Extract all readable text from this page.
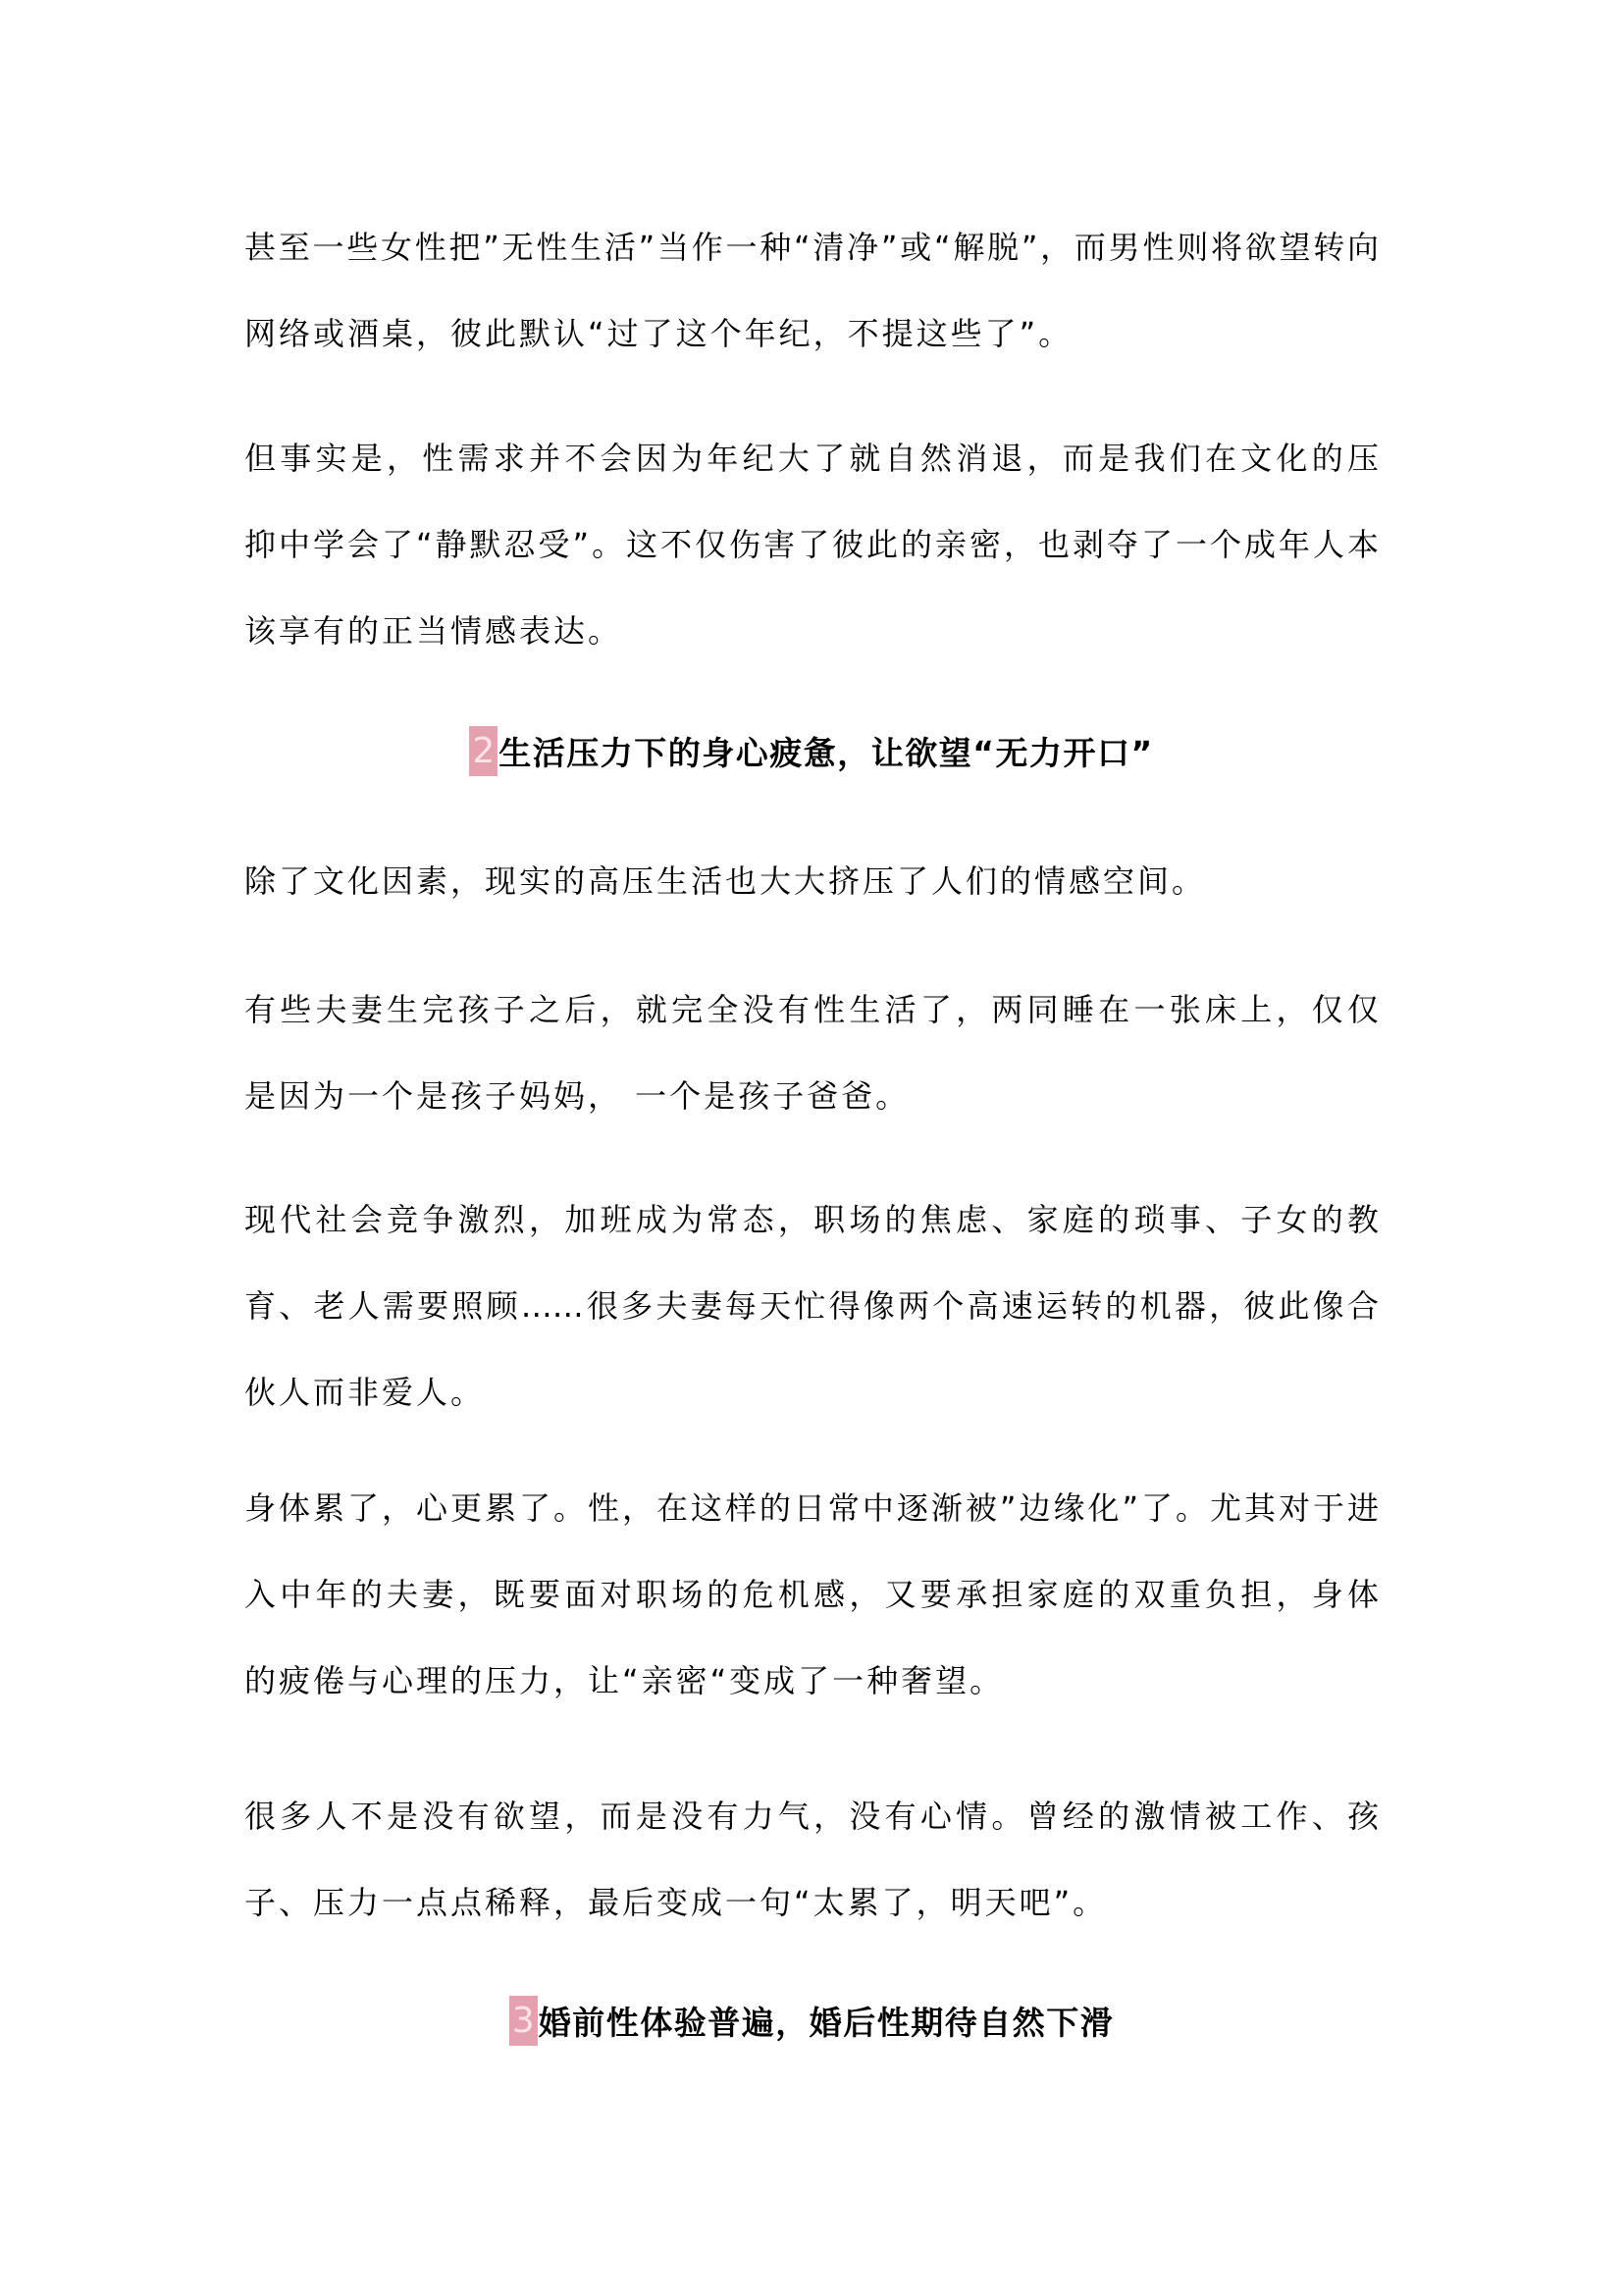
甚至一些女性把”无性生活”当作一种“清净”或“解脱”，而男性则将欲望转向
网络或酒桌，彼此默认“过了这个年纪，不提这些了”。
但事实是，性需求并不会因为年纪大了就自然消退，而是我们在文化的压
抑中学会了“静默忍受”。这不仅伤害了彼此的亲密，也剥夺了一个成年人本
该享有的正当情感表达。
2 生活压力下的身心疲惫，让欲望“无力开口”
除了文化因素，现实的高压生活也大大挤压了人们的情感空间。
有些夫妻生完孩子之后，就完全没有性生活了，两同睡在一张床上，仅仅
是因为一个是孩子妈妈， 一个是孩子爸爸。
现代社会竞争激烈，加班成为常态，职场的焦虑、家庭的琐事、子女的教
育、老人需要照顾……很多夫妻每天忙得像两个高速运转的机器，彼此像合
伙人而非爱人。
身体累了，心更累了。性，在这样的日常中逐渐被”边缘化”了。尤其对于进
入中年的夫妻，既要面对职场的危机感，又要承担家庭的双重负担，身体
的疲倦与心理的压力，让“亲密“变成了一种奢望。
很多人不是没有欲望，而是没有力气，没有心情。曾经的激情被工作、孩
子、压力一点点稀释，最后变成一句“太累了，明天吧”。
3 婚前性体验普遍，婚后性期待自然下滑
